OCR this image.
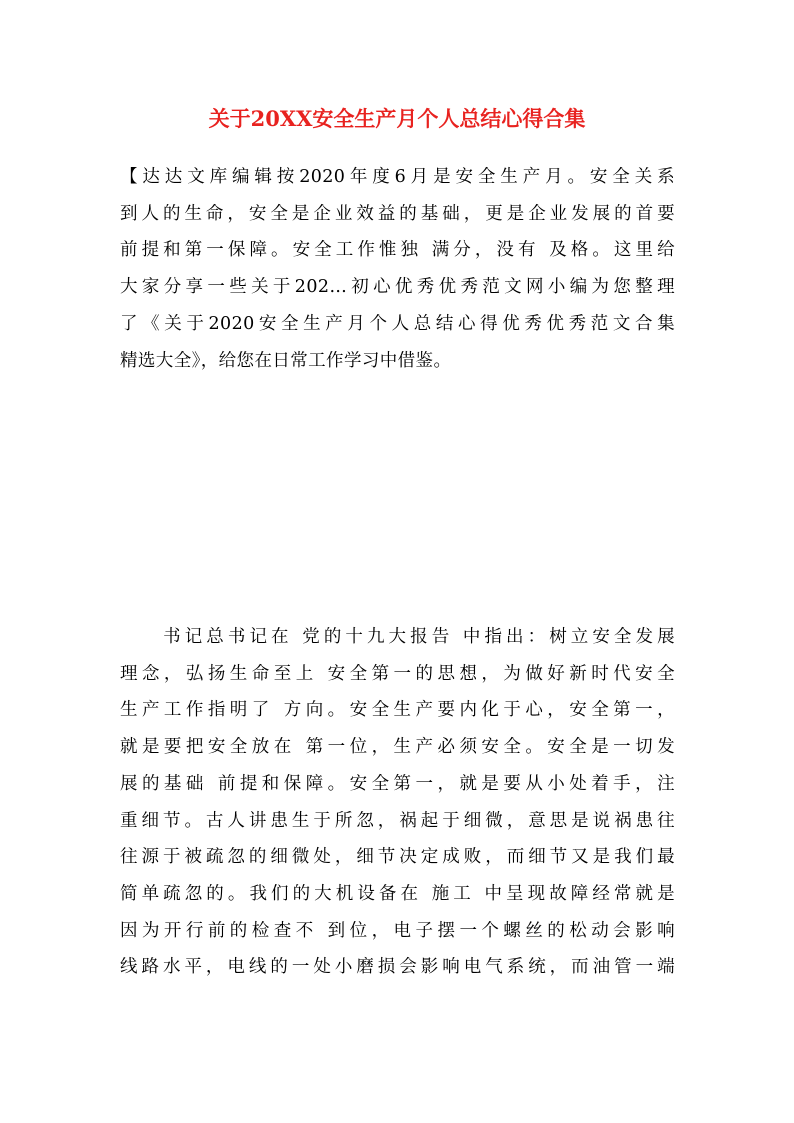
关于20XX安全生产月个人总结心得合集

【达达文库编辑按2020年度6月是安全生产月。安全关系
到人的生命，安全是企业效益的基础，更是企业发展的首要
前提和第一保障。安全工作惟独 满分，没有 及格。这里给
大家分享一些关于202…初心优秀优秀范文网小编为您整理
了《关于2020安全生产月个人总结心得优秀优秀范文合集
精选大全》，给您在日常工作学习中借鉴。

　　书记总书记在 党的十九大报告 中指出：树立安全发展
理念，弘扬生命至上 安全第一的思想，为做好新时代安全
生产工作指明了 方向。安全生产要内化于心，安全第一，
就是要把安全放在 第一位，生产必须安全。安全是一切发
展的基础 前提和保障。安全第一，就是要从小处着手，注
重细节。古人讲患生于所忽，祸起于细微，意思是说祸患往
往源于被疏忽的细微处，细节决定成败，而细节又是我们最
简单疏忽的。我们的大机设备在 施工 中呈现故障经常就是
因为开行前的检查不 到位，电子摆一个螺丝的松动会影响
线路水平，电线的一处小磨损会影响电气系统，而油管一端
